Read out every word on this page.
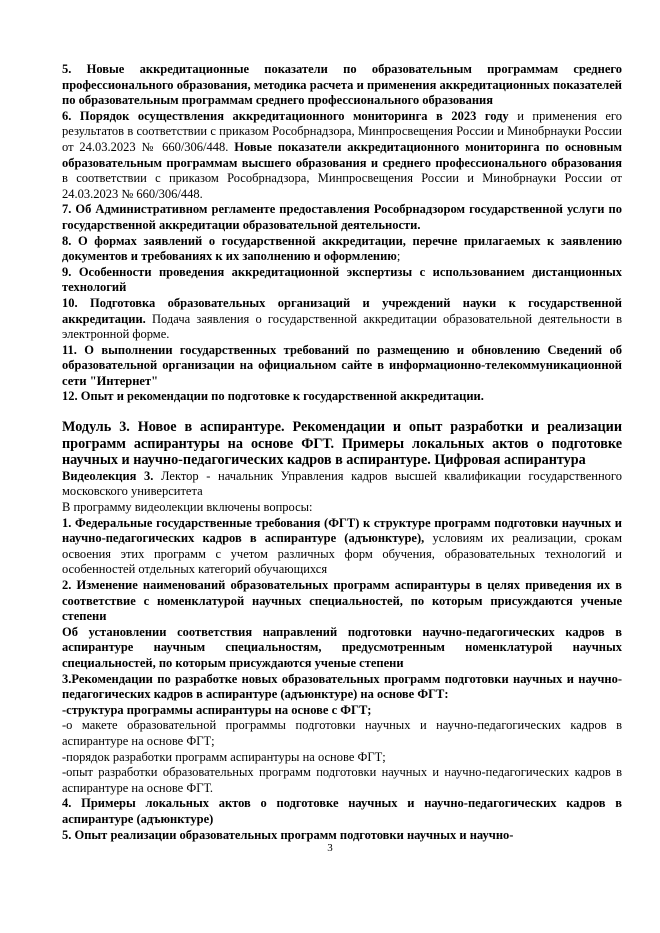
5. Новые аккредитационные показатели по образовательным программам среднего профессионального образования, методика расчета и применения аккредитационных показателей по образовательным программам среднего профессионального образования

6. Порядок осуществления аккредитационного мониторинга в 2023 году и применения его результатов в соответствии с приказом Рособрнадзора, Минпросвещения России и Минобрнауки России от 24.03.2023 № 660/306/448. Новые показатели аккредитационного мониторинга по основным образовательным программам высшего образования и среднего профессионального образования в соответствии с приказом Рособрнадзора, Минпросвещения России и Минобрнауки России от 24.03.2023 № 660/306/448.

7. Об Административном регламенте предоставления Рособрнадзором государственной услуги по государственной аккредитации образовательной деятельности.

8. О формах заявлений о государственной аккредитации, перечне прилагаемых к заявлению документов и требованиях к их заполнению и оформлению;

9. Особенности проведения аккредитационной экспертизы с использованием дистанционных технологий

10. Подготовка образовательных организаций и учреждений науки к государственной аккредитации. Подача заявления о государственной аккредитации образовательной деятельности в электронной форме.

11. О выполнении государственных требований по размещению и обновлению Сведений об образовательной организации на официальном сайте в информационно-телекоммуникационной сети "Интернет"

12. Опыт и рекомендации по подготовке к государственной аккредитации.

Модуль 3. Новое в аспирантуре. Рекомендации и опыт разработки и реализации программ аспирантуры на основе ФГТ. Примеры локальных актов о подготовке научных и научно-педагогических кадров в аспирантуре. Цифровая аспирантура

Видеолекция 3. Лектор - начальник Управления кадров высшей квалификации государственного московского университета

В программу видеолекции включены вопросы:

1. Федеральные государственные требования (ФГТ) к структуре программ подготовки научных и научно-педагогических кадров в аспирантуре (адъюнктуре), условиям их реализации, срокам освоения этих программ с учетом различных форм обучения, образовательных технологий и особенностей отдельных категорий обучающихся

2. Изменение наименований образовательных программ аспирантуры в целях приведения их в соответствие с номенклатурой научных специальностей, по которым присуждаются ученые степени

Об установлении соответствия направлений подготовки научно-педагогических кадров в аспирантуре научным специальностям, предусмотренным номенклатурой научных специальностей, по которым присуждаются ученые степени

3.Рекомендации по разработке новых образовательных программ подготовки научных и научно-педагогических кадров в аспирантуре (адъюнктуре) на основе ФГТ:

-структура программы аспирантуры на основе с ФГТ;

-о макете образовательной программы подготовки научных и научно-педагогических кадров в аспирантуре на основе ФГТ;

-порядок разработки программ аспирантуры на основе ФГТ;

-опыт разработки образовательных программ подготовки научных и научно-педагогических кадров в аспирантуре на основе ФГТ.

4. Примеры локальных актов о подготовке научных и научно-педагогических кадров в аспирантуре (адъюнктуре)

5. Опыт реализации образовательных программ подготовки научных и научно-

3
